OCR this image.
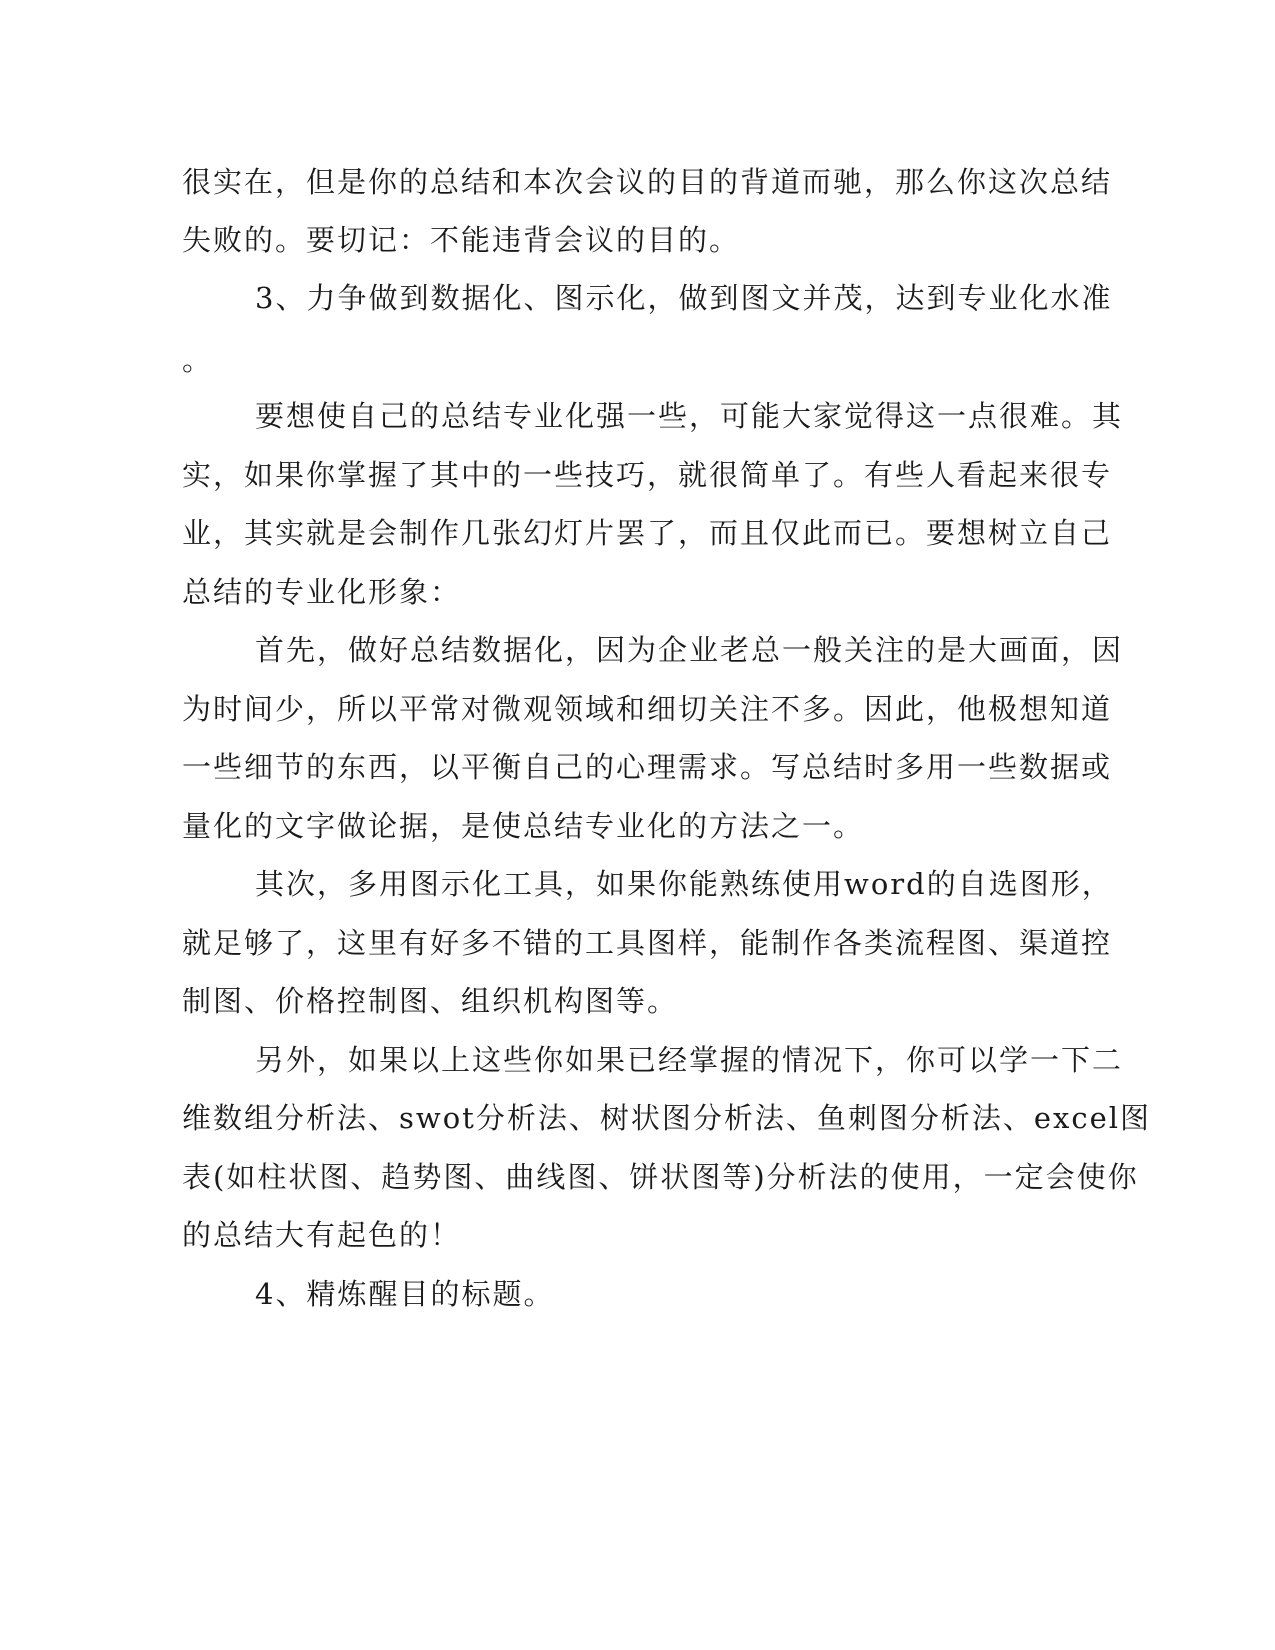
很实在，但是你的总结和本次会议的目的背道而驰，那么你这次总结
失败的。要切记：不能违背会议的目的。
3、力争做到数据化、图示化，做到图文并茂，达到专业化水准
。
要想使自己的总结专业化强一些，可能大家觉得这一点很难。其
实，如果你掌握了其中的一些技巧，就很简单了。有些人看起来很专
业，其实就是会制作几张幻灯片罢了，而且仅此而已。要想树立自己
总结的专业化形象：
首先，做好总结数据化，因为企业老总一般关注的是大画面，因
为时间少，所以平常对微观领域和细切关注不多。因此，他极想知道
一些细节的东西，以平衡自己的心理需求。写总结时多用一些数据或
量化的文字做论据，是使总结专业化的方法之一。
其次，多用图示化工具，如果你能熟练使用word的自选图形，
就足够了，这里有好多不错的工具图样，能制作各类流程图、渠道控
制图、价格控制图、组织机构图等。
另外，如果以上这些你如果已经掌握的情况下，你可以学一下二
维数组分析法、swot分析法、树状图分析法、鱼刺图分析法、excel图
表(如柱状图、趋势图、曲线图、饼状图等)分析法的使用，一定会使你
的总结大有起色的！
4、精炼醒目的标题。
